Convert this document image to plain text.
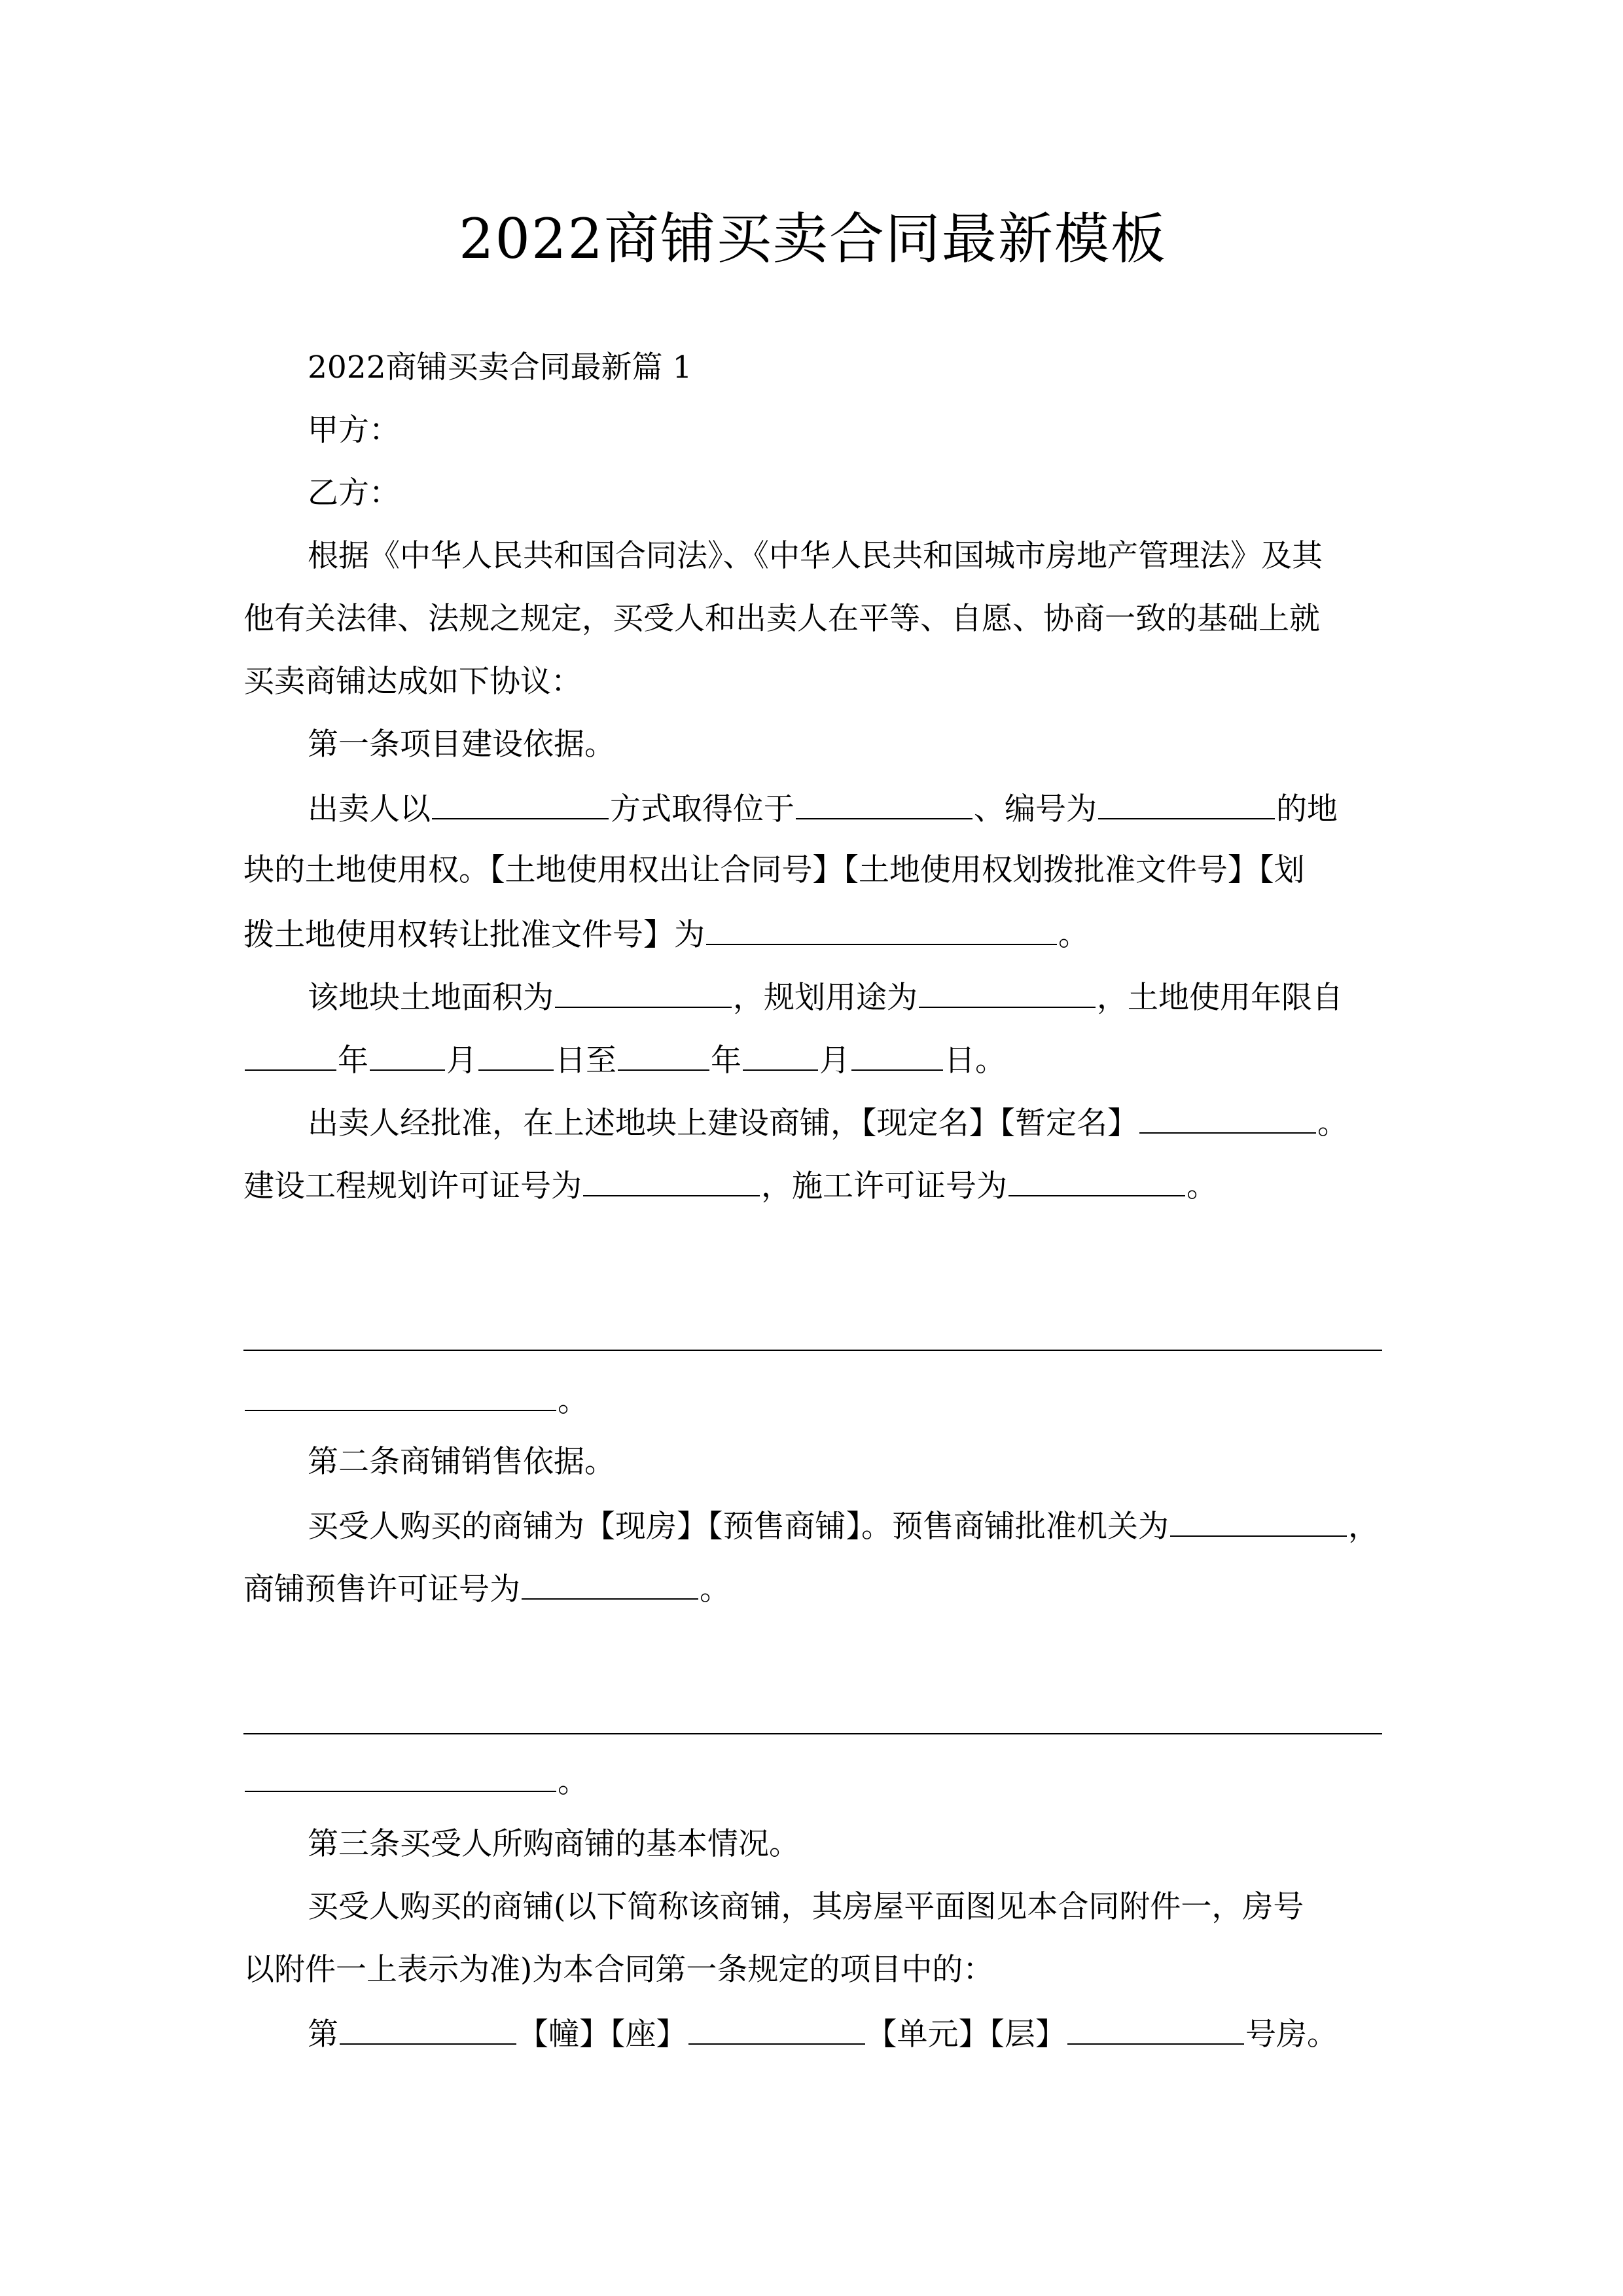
2022商铺买卖合同最新模板
2022商铺买卖合同最新篇 1
甲方：
乙方：
根据《中华人民共和国合同法》、《中华人民共和国城市房地产管理法》及其
他有关法律、法规之规定，买受人和出卖人在平等、自愿、协商一致的基础上就
买卖商铺达成如下协议：
第一条项目建设依据。
出卖人以	方式取得位于	、编号为	的地
块的土地使用权。【土地使用权出让合同号】【土地使用权划拨批准文件号】【划
拨土地使用权转让批准文件号】为	。
该地块土地面积为	，规划用途为	，土地使用年限自
年	月	日至	年	月	日。
出卖人经批准，在上述地块上建设商铺，【现定名】【暂定名】	。
建设工程规划许可证号为	，施工许可证号为	。
。
第二条商铺销售依据。
买受人购买的商铺为【现房】【预售商铺】。预售商铺批准机关为	，
商铺预售许可证号为	。
。
第三条买受人所购商铺的基本情况。
买受人购买的商铺(以下简称该商铺，其房屋平面图见本合同附件一，房号
以附件一上表示为准)为本合同第一条规定的项目中的：
第	【幢】【座】	【单元】【层】	号房。
